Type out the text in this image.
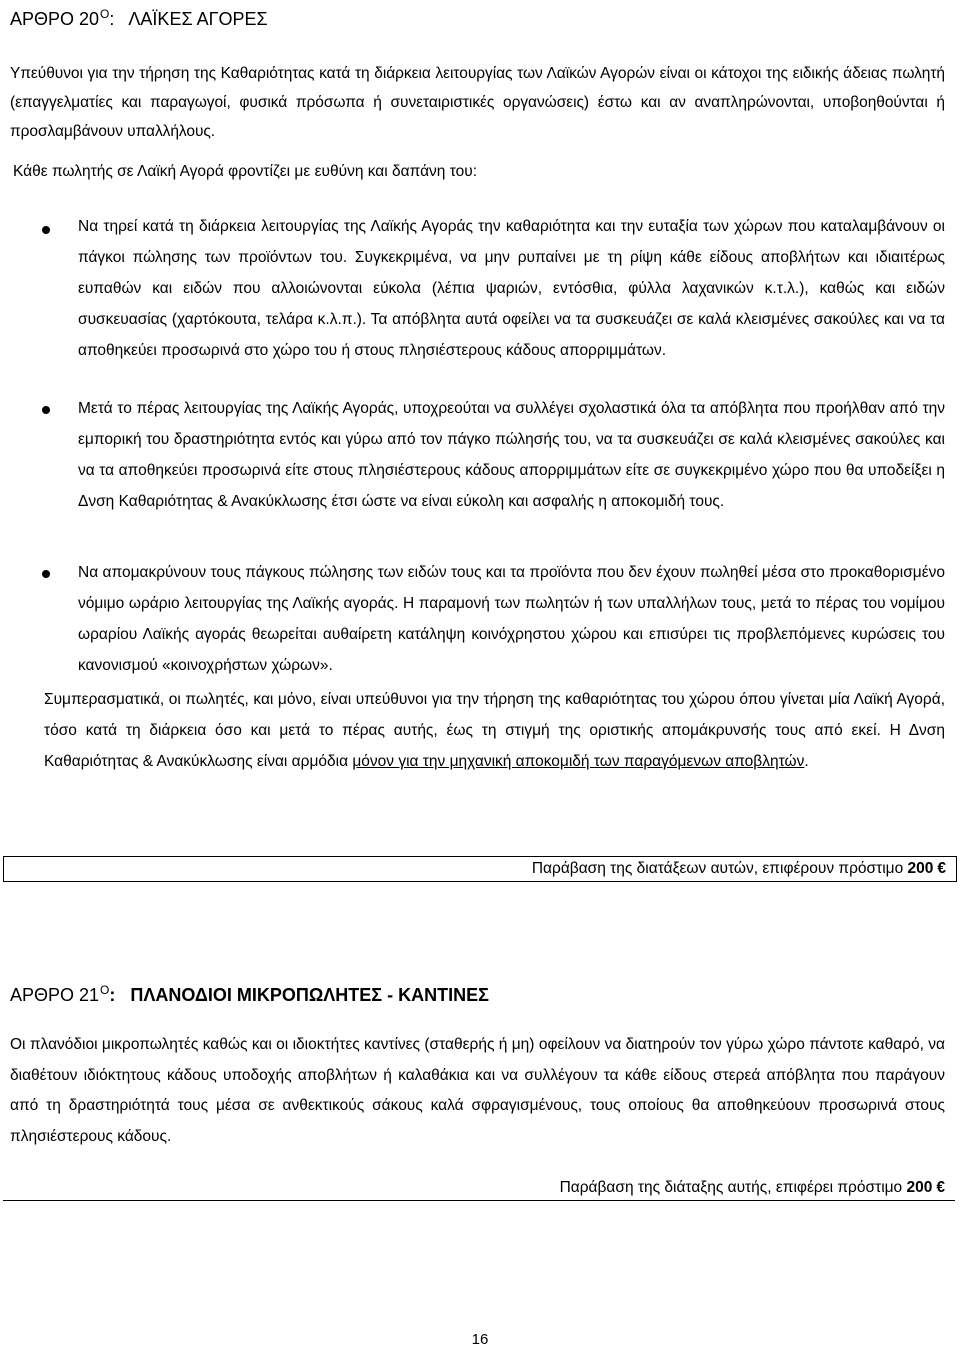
ΑΡΘΡΟ $20^O$:   ΛΑΪΚΕΣ ΑΓΟΡΕΣ
Υπεύθυνοι για την τήρηση της Καθαριότητας κατά τη διάρκεια λειτουργίας των Λαϊκών Αγορών είναι οι κάτοχοι της ειδικής άδειας πωλητή (επαγγελματίες και παραγωγοί, φυσικά πρόσωπα ή συνεταιριστικές οργανώσεις) έστω και αν αναπληρώνονται, υποβοηθούνται ή προσλαμβάνουν υπαλλήλους.
Κάθε πωλητής σε Λαϊκή Αγορά φροντίζει με ευθύνη και δαπάνη του:
Να τηρεί κατά τη διάρκεια λειτουργίας της Λαϊκής Αγοράς την καθαριότητα και την ευταξία των χώρων που καταλαμβάνουν οι πάγκοι πώλησης των προϊόντων του. Συγκεκριμένα, να μην ρυπαίνει με τη ρίψη κάθε είδους αποβλήτων και ιδιαιτέρως ευπαθών και ειδών που αλλοιώνονται εύκολα (λέπια ψαριών, εντόσθια, φύλλα λαχανικών κ.τ.λ.), καθώς και ειδών συσκευασίας (χαρτόκουτα, τελάρα κ.λ.π.). Τα απόβλητα αυτά οφείλει να τα συσκευάζει σε καλά κλεισμένες σακούλες και να τα αποθηκεύει προσωρινά στο χώρο του ή στους πλησιέστερους κάδους απορριμμάτων.
Μετά το πέρας λειτουργίας της Λαϊκής Αγοράς, υποχρεούται να συλλέγει σχολαστικά όλα τα απόβλητα που προήλθαν από την εμπορική του δραστηριότητα εντός και γύρω από τον πάγκο πώλησής του, να τα συσκευάζει σε καλά κλεισμένες σακούλες και να τα αποθηκεύει προσωρινά είτε στους πλησιέστερους κάδους απορριμμάτων είτε σε συγκεκριμένο χώρο που θα υποδείξει η Δνση Καθαριότητας & Ανακύκλωσης έτσι ώστε να είναι εύκολη και ασφαλής η αποκομιδή τους.
Να απομακρύνουν τους πάγκους πώλησης των ειδών τους και τα προϊόντα που δεν έχουν πωληθεί μέσα στο προκαθορισμένο νόμιμο ωράριο λειτουργίας της Λαϊκής αγοράς. Η παραμονή των πωλητών ή των υπαλλήλων τους, μετά το πέρας του νομίμου ωραρίου Λαϊκής αγοράς θεωρείται αυθαίρετη κατάληψη κοινόχρηστου χώρου και επισύρει τις προβλεπόμενες κυρώσεις του κανονισμού «κοινοχρήστων χώρων».
Συμπερασματικά, οι πωλητές, και μόνο, είναι υπεύθυνοι για την τήρηση της καθαριότητας του χώρου όπου γίνεται μία Λαϊκή Αγορά, τόσο κατά τη διάρκεια όσο και μετά το πέρας αυτής, έως τη στιγμή της οριστικής απομάκρυνσής τους από εκεί. Η Δνση Καθαριότητας & Ανακύκλωσης είναι αρμόδια μόνον για την μηχανική αποκομιδή των παραγόμενων αποβλητών.
Παράβαση της διατάξεων αυτών, επιφέρουν πρόστιμο 200 €
ΑΡΘΡΟ $21^O$:   ΠΛΑΝΟΔΙΟΙ ΜΙΚΡΟΠΩΛΗΤΕΣ - ΚΑΝΤΙΝΕΣ
Οι πλανόδιοι μικροπωλητές καθώς και οι ιδιοκτήτες καντίνες (σταθερής ή μη) οφείλουν να διατηρούν τον γύρω χώρο πάντοτε καθαρό, να διαθέτουν ιδιόκτητους κάδους υποδοχής αποβλήτων ή καλαθάκια και να συλλέγουν τα κάθε είδους στερεά απόβλητα που παράγουν από τη δραστηριότητά τους μέσα σε ανθεκτικούς σάκους καλά σφραγισμένους, τους οποίους θα αποθηκεύουν προσωρινά στους πλησιέστερους κάδους.
Παράβαση της διάταξης αυτής, επιφέρει πρόστιμο 200 €
16
